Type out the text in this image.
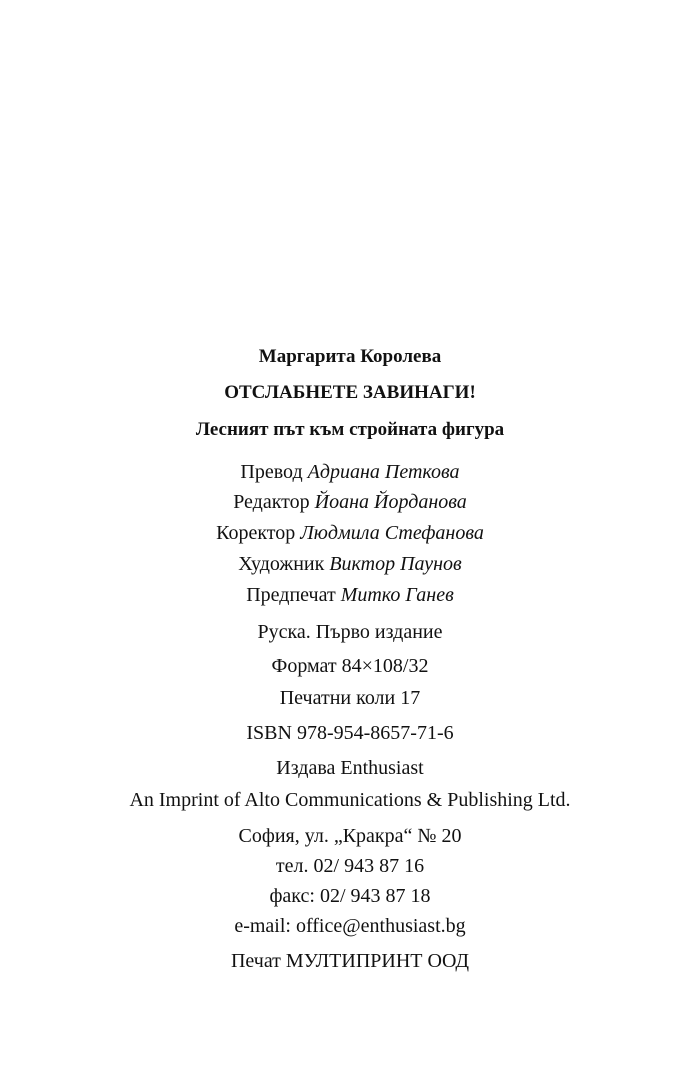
Маргарита Королева
ОТСЛАБНЕТЕ ЗАВИНАГИ!
Лесният път към стройната фигура
Превод Адриана Петкова
Редактор Йоана Йорданова
Коректор Людмила Стефанова
Художник Виктор Паунов
Предпечат Митко Ганев
Руска. Първо издание
Формат 84×108/32
Печатни коли 17
ISBN 978-954-8657-71-6
Издава Enthusiast
An Imprint of Alto Communications & Publishing Ltd.
София, ул. „Кракра“ № 20
тел. 02/ 943 87 16
факс: 02/ 943 87 18
e-mail: office@enthusiast.bg
Печат МУЛТИПРИНТ ООД
